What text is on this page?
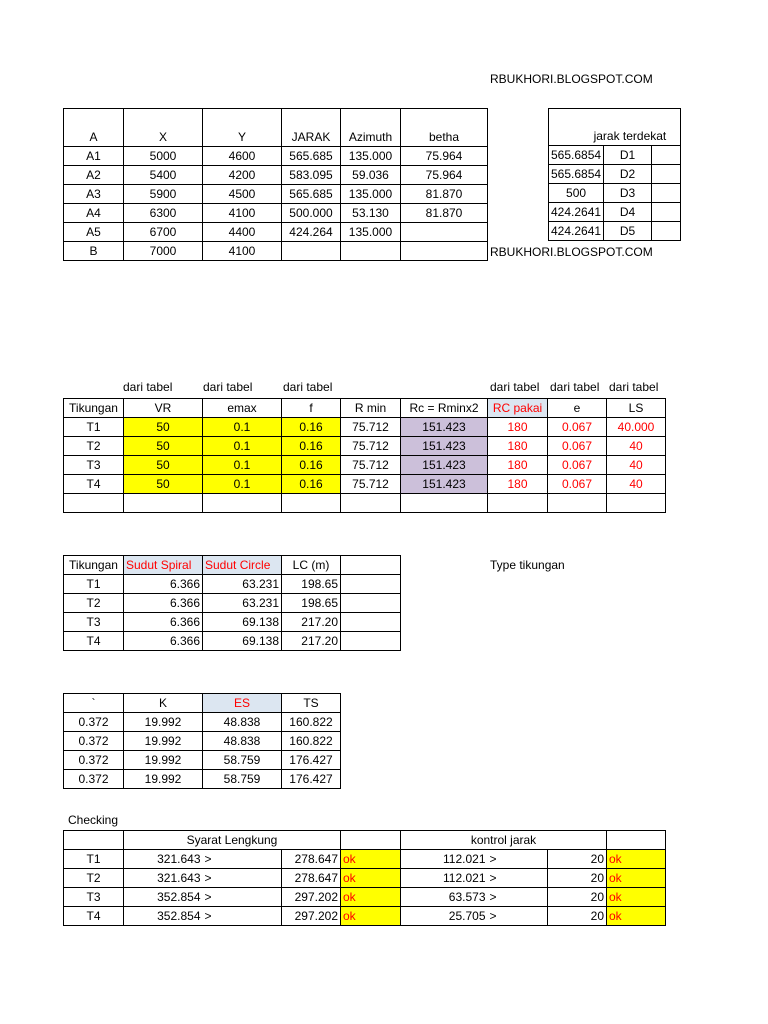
RBUKHORI.BLOGSPOT.COM
RBUKHORI.BLOGSPOT.COM
A	X	Y	JARAK	Azimuth	betha
A1	5000	4600	565.685	135.000	75.964
A2	5400	4200	583.095	59.036	75.964
A3	5900	4500	565.685	135.000	81.870
A4	6300	4100	500.000	53.130	81.870
A5	6700	4400	424.264	135.000	
B	7000	4100			
	jarak terdekat	
565.6854	D1	
565.6854	D2	
500	D3	
424.2641	D4	
424.2641	D5	
dari tabel	dari tabel	dari tabel	dari tabel dari tabel dari tabel
Tikungan	VR	emax	f	R min	Rc = Rminx2	RC pakai	e	LS
T1	50	0.1	0.16	75.712	151.423	180	0.067	40.000
T2	50	0.1	0.16	75.712	151.423	180	0.067	40
T3	50	0.1	0.16	75.712	151.423	180	0.067	40
T4	50	0.1	0.16	75.712	151.423	180	0.067	40

Type tikungan
Tikungan	Sudut Spiral	Sudut Circle	LC (m)	
T1	6.366	63.231	198.65	
T2	6.366	63.231	198.65	
T3	6.366	69.138	217.20	
T4	6.366	69.138	217.20	
`	K	ES	TS
0.372	19.992	48.838	160.822
0.372	19.992	48.838	160.822
0.372	19.992	58.759	176.427
0.372	19.992	58.759	176.427
Checking
	Syarat Lengkung				kontrol jarak			
T1	321.643	>	278.647	ok	112.021	>	20	ok
T2	321.643	>	278.647	ok	112.021	>	20	ok
T3	352.854	>	297.202	ok	63.573	>	20	ok
T4	352.854	>	297.202	ok	25.705	>	20	ok
